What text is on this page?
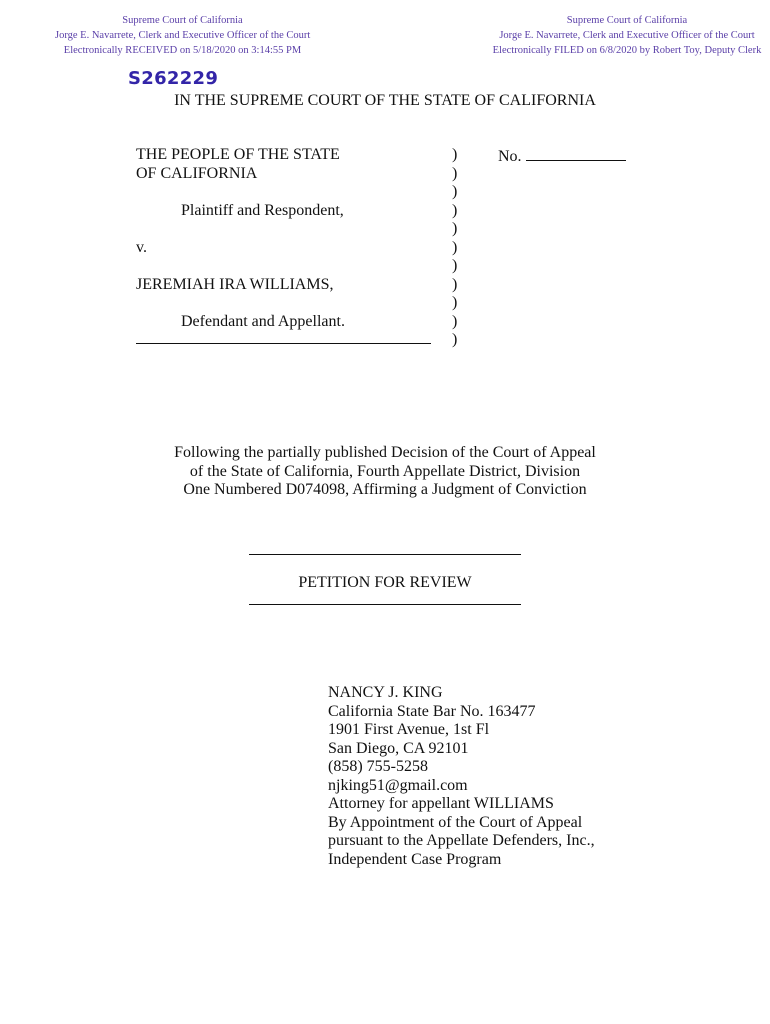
Supreme Court of California
Jorge E. Navarrete, Clerk and Executive Officer of the Court
Electronically RECEIVED on 5/18/2020 on 3:14:55 PM
Supreme Court of California
Jorge E. Navarrete, Clerk and Executive Officer of the Court
Electronically FILED on 6/8/2020 by Robert Toy, Deputy Clerk
S262229
IN THE SUPREME COURT OF THE STATE OF CALIFORNIA
THE PEOPLE OF THE STATE
OF CALIFORNIA
Plaintiff and Respondent,
v.
JEREMIAH IRA WILLIAMS,
Defendant and Appellant.
)
)
)
)
)
)
)
)
)
)
)
No.
Following the partially published Decision of the Court of Appeal
of the State of California, Fourth Appellate District, Division
One Numbered D074098, Affirming a Judgment of Conviction
PETITION FOR REVIEW
NANCY J. KING
California State Bar No. 163477
1901 First Avenue, 1st Fl
San Diego, CA 92101
(858) 755-5258
njking51@gmail.com
Attorney for appellant WILLIAMS
By Appointment of the Court of Appeal
pursuant to the Appellate Defenders, Inc.,
Independent Case Program
